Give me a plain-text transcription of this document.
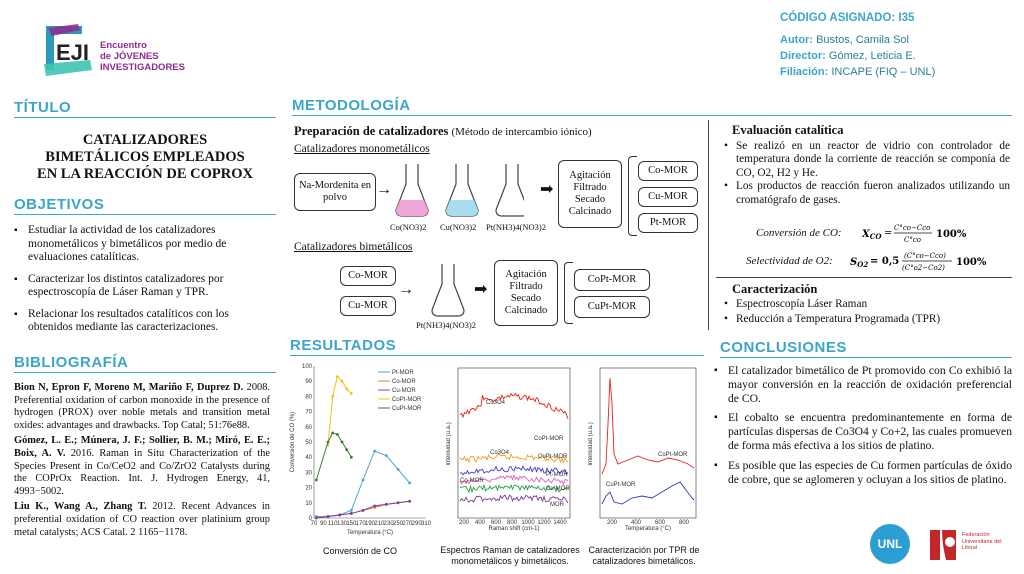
EJI Encuentro
de JÓVENES
INVESTIGADORES
CÓDIGO ASIGNADO: I35
Autor: Bustos, Camila Sol
Director: Gómez, Leticia E.
Filiación: INCAPE (FIQ – UNL)
TÍTULO
CATALIZADORES
BIMETÁLICOS EMPLEADOS
EN LA REACCIÓN DE COPROX
OBJETIVOS
▪ Estudiar la actividad de los catalizadores monometálicos y bimetálicos por medio de evaluaciones catalíticas.
▪ Caracterizar los distintos catalizadores por espectroscopía de Láser Raman y TPR.
▪ Relacionar los resultados catalíticos con los obtenidos mediante las caracterizaciones.
BIBLIOGRAFÍA

Bion N, Epron F, Moreno M, Mariño F, Duprez D. 2008. Preferential oxidation of carbon monoxide in the presence of hydrogen (PROX) over noble metals and transition metal oxides: advantages and drawbacks. Top Catal; 51:76e88.

Gómez, L. E.; Múnera, J. F.; Sollier, B. M.; Miró, E. E.; Boix, A. V. 2016. Raman in Situ Characterization of the Species Present in Co/CeO2 and Co/ZrO2 Catalysts during the COPrOx Reaction. Int. J. Hydrogen Energy, 41, 4993−5002.

Liu K., Wang A., Zhang T. 2012. Recent Advances in preferential oxidation of CO reaction over platinium group metal catalysts; ACS Catal. 2 1165−1178.

METODOLOGÍA
Preparación de catalizadores (Método de intercambio iónico)
Catalizadores monometálicos
Na-Mordenita en polvo	→
Co(NO3)2 Cu(NO3)2 Pt(NH3)4(NO3)2
➡
Agitación Filtrado Secado Calcinado
Co-MOR
Cu-MOR
Pt-MOR
Catalizadores bimetálicos
Co-MOR
Cu-MOR
→
Pt(NH3)4(NO3)2
➡
Agitación Filtrado Secado Calcinado
CoPt-MOR
CuPt-MOR
Evaluación catalítica
• Se realizó en un reactor de vidrio con controlador de temperatura donde la corriente de reacción se componía de CO, O2, H2 y He.
• Los productos de reacción fueron analizados utilizando un cromatógrafo de gases.
Conversión de CO: $X_{CO} = C^\circ co-Cco$
C°co 100%
Selectividad de O2: $S_{O2} = 0,5$ (C°co−Cco)
(C°o2−Co2) 100%
Caracterización
• Espectroscopía Láser Raman
• Reducción a Temperatura Programada (TPR)
RESULTADOS
0
10
20
30
40
50
60
70
80
90
100
70 90 110 130 150 170 190 210 230 250 270 290 310
Temperatura (°C)
Conversión de CO (%)
Pt-MOR
Co-MOR
Cu-MOR
CoPt-MOR
CuPt-MOR
Conversión de CO
Intensidad (u.a.)
Raman shift (cm-1)
200 400 600 800 1000 1200 1400
Co3O4
Co3O4
CoPt-MOR
CuPt-MOR
Pt-MOR
Co-MOR
Cu-MOR
MOR
Espectros Raman de catalizadores monometálicos y bimetálicos.
Intensidad (u.a.)
Temperatura (°C)
200 400 600 800
CoPt-MOR
CuPt-MOR
Caracterización por TPR de catalizadores bimetálicos.
CONCLUSIONES
▪ El catalizador bimetálico de Pt promovido con Co exhibió la mayor conversión en la reacción de oxidación preferencial de CO.
▪ El cobalto se encuentra predominantemente en forma de partículas dispersas de Co3O4 y Co+2, las cuales promueven de forma más efectiva a los sitios de platino.
▪ Es posible que las especies de Cu formen partículas de óxido de cobre, que se aglomeren y ocluyan a los sitios de platino.
UNL
Federación Universitaria del Litoral
